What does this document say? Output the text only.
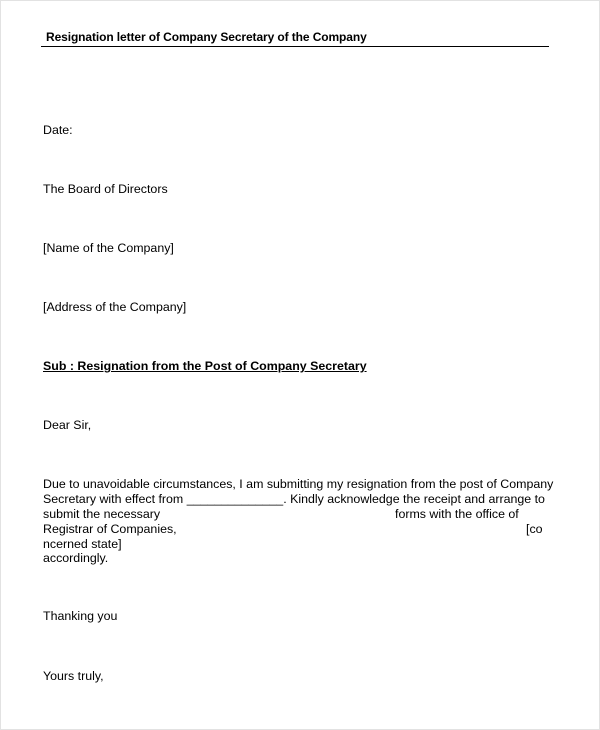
Resignation letter of Company Secretary of the Company
Date:
The Board of Directors
[Name of the Company]
[Address of the Company]
Sub : Resignation from the Post of Company Secretary
Dear Sir,
Due to unavoidable circumstances, I am submitting my resignation from the post of Company
Secretary with effect from ______________. Kindly acknowledge the receipt and arrange to
submit the necessary	forms with the office of
Registrar of Companies,	[co
ncerned state]
accordingly.
Thanking you
Yours truly,
